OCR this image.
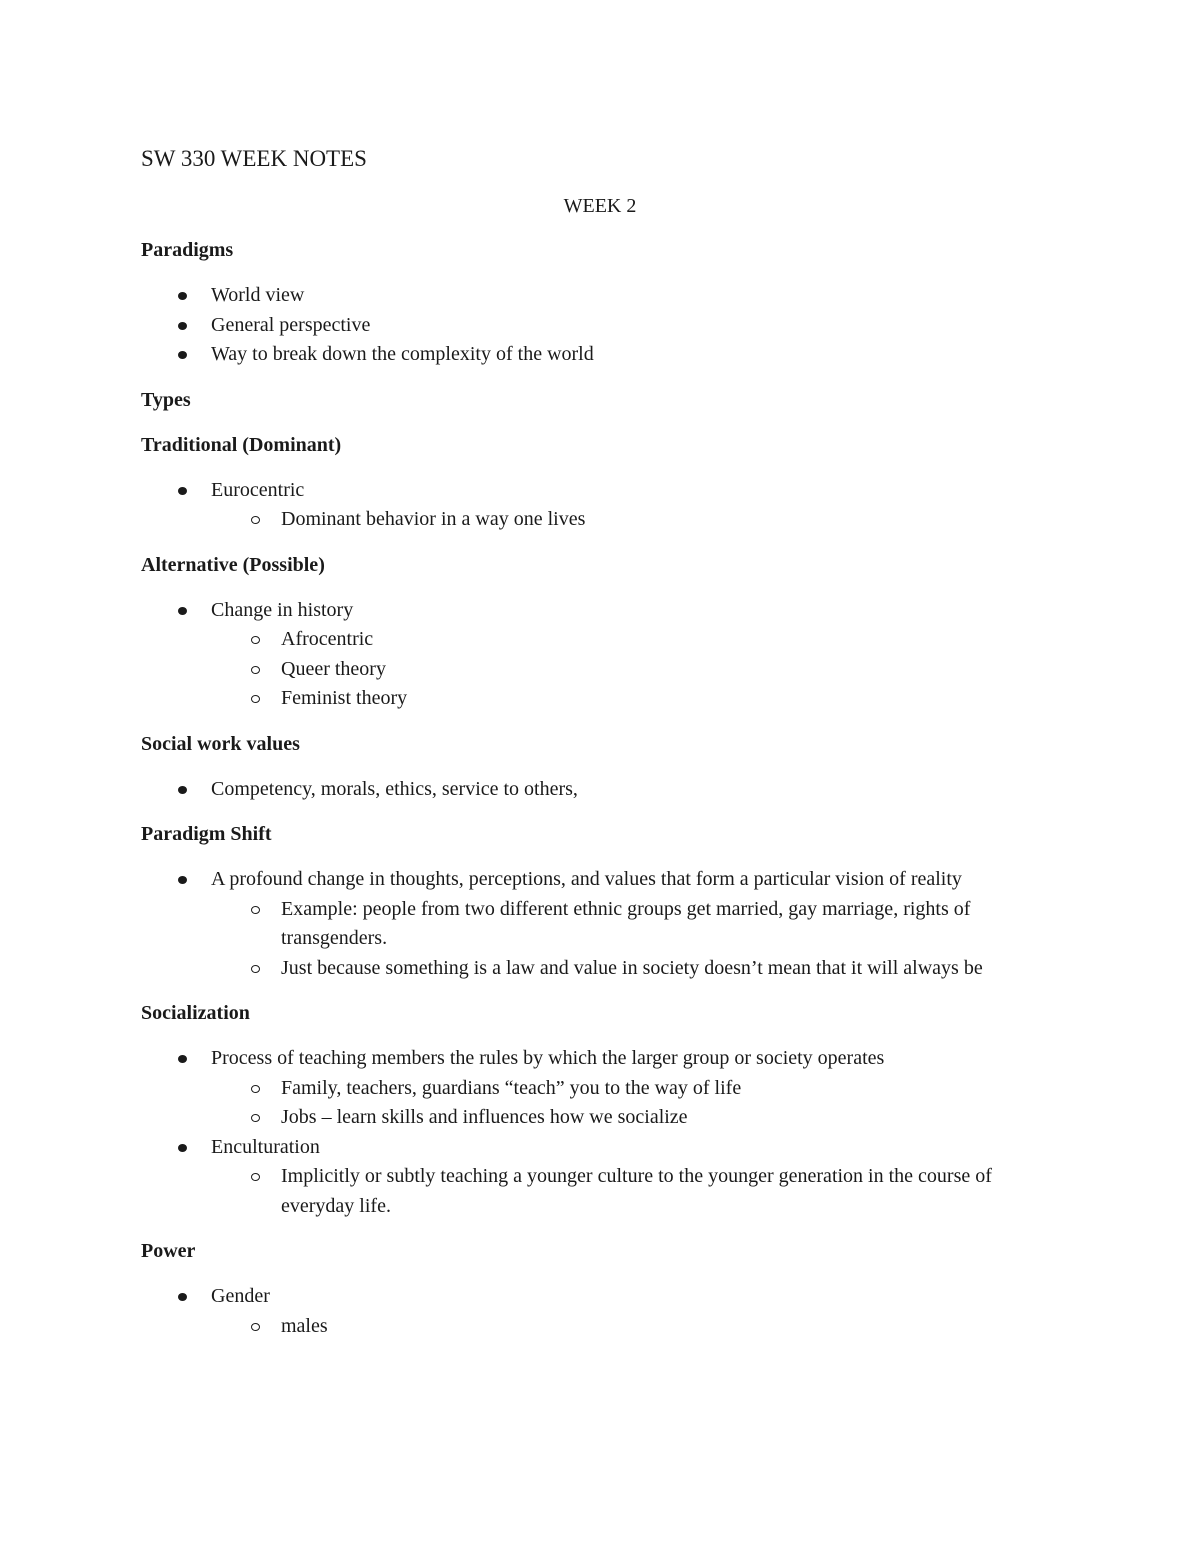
SW 330 WEEK NOTES
WEEK 2
Paradigms
World view
General perspective
Way to break down the complexity of the world
Types
Traditional (Dominant)
Eurocentric
Dominant behavior in a way one lives
Alternative (Possible)
Change in history
Afrocentric
Queer theory
Feminist theory
Social work values
Competency, morals, ethics, service to others,
Paradigm Shift
A profound change in thoughts, perceptions, and values that form a particular vision of reality
Example: people from two different ethnic groups get married, gay marriage, rights of transgenders.
Just because something is a law and value in society doesn’t mean that it will always be
Socialization
Process of teaching members the rules by which the larger group or society operates
Family, teachers, guardians “teach” you to the way of life
Jobs – learn skills and influences how we socialize
Enculturation
Implicitly or subtly teaching a younger culture to the younger generation in the course of everyday life.
Power
Gender
males
